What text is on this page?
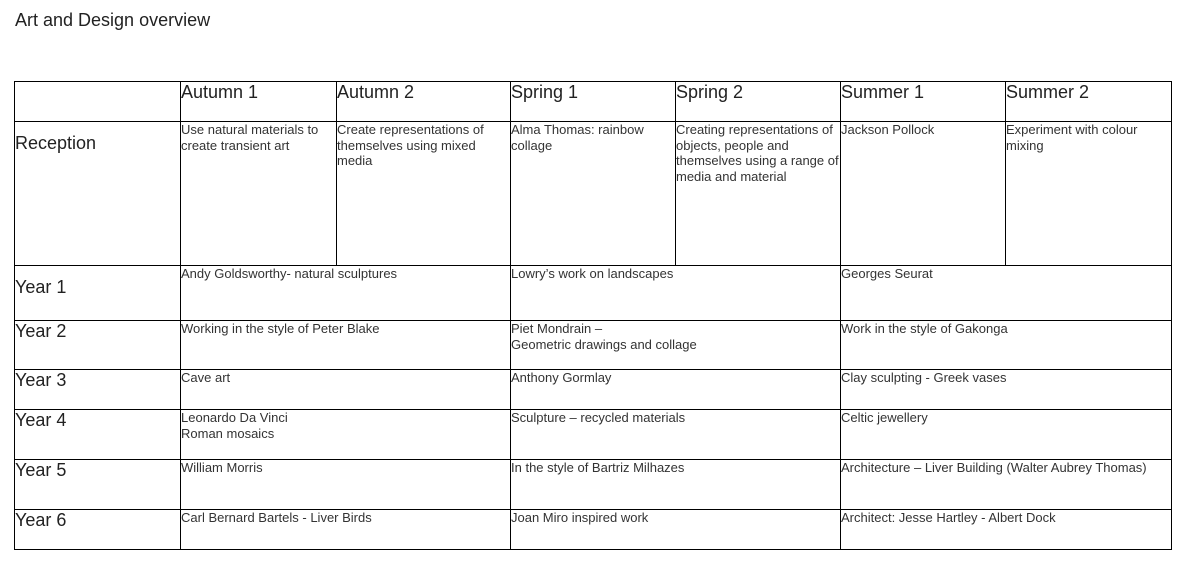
Art and Design overview
	Autumn 1	Autumn 2	Spring 1	Spring 2	Summer 1	Summer 2
Reception	Use natural materials to create transient art	Create representations of themselves using mixed media	Alma Thomas: rainbow collage	Creating representations of objects, people and themselves using a range of media and material	Jackson Pollock	Experiment with colour mixing
Year 1	Andy Goldsworthy- natural sculptures		Lowry’s work on landscapes		Georges Seurat	
Year 2	Working in the style of Peter Blake		Piet Mondrain –
Geometric drawings and collage		Work in the style of Gakonga	
Year 3	Cave art		Anthony Gormlay		Clay sculpting - Greek vases	
Year 4	Leonardo Da Vinci
Roman mosaics		Sculpture – recycled materials		Celtic jewellery	
Year 5	William Morris		In the style of Bartriz Milhazes		Architecture – Liver Building (Walter Aubrey Thomas)	
Year 6	Carl Bernard Bartels - Liver Birds		Joan Miro inspired work		Architect: Jesse Hartley - Albert Dock	
